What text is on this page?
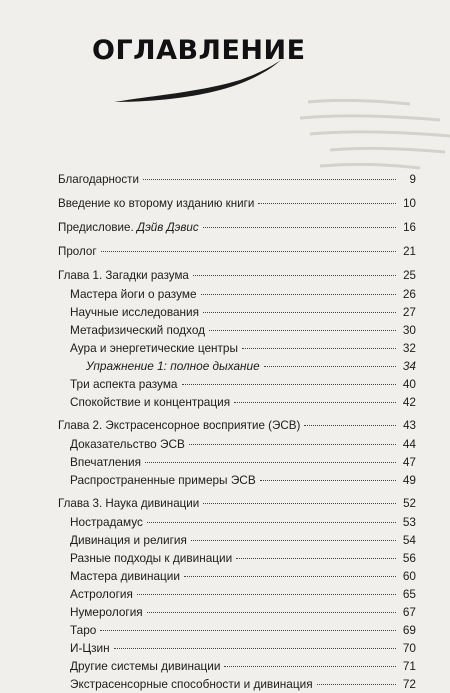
ОГЛАВЛЕНИЕ
Благодарности	9
Введение ко второму изданию книги	10
Предисловие. Дэйв Дэвис	16
Пролог	21
Глава 1. Загадки разума	25
Мастера йоги о разуме	26
Научные исследования	27
Метафизический подход	30
Аура и энергетические центры	32
Упражнение 1: полное дыхание	34
Три аспекта разума	40
Спокойствие и концентрация	42
Глава 2. Экстрасенсорное восприятие (ЭСВ)	43
Доказательство ЭСВ	44
Впечатления	47
Распространенные примеры ЭСВ	49
Глава 3. Наука дивинации	52
Нострадамус	53
Дивинация и религия	54
Разные подходы к дивинации	56
Мастера дивинации	60
Астрология	65
Нумерология	67
Таро	69
И-Цзин	70
Другие системы дивинации	71
Экстрасенсорные способности и дивинация	72
